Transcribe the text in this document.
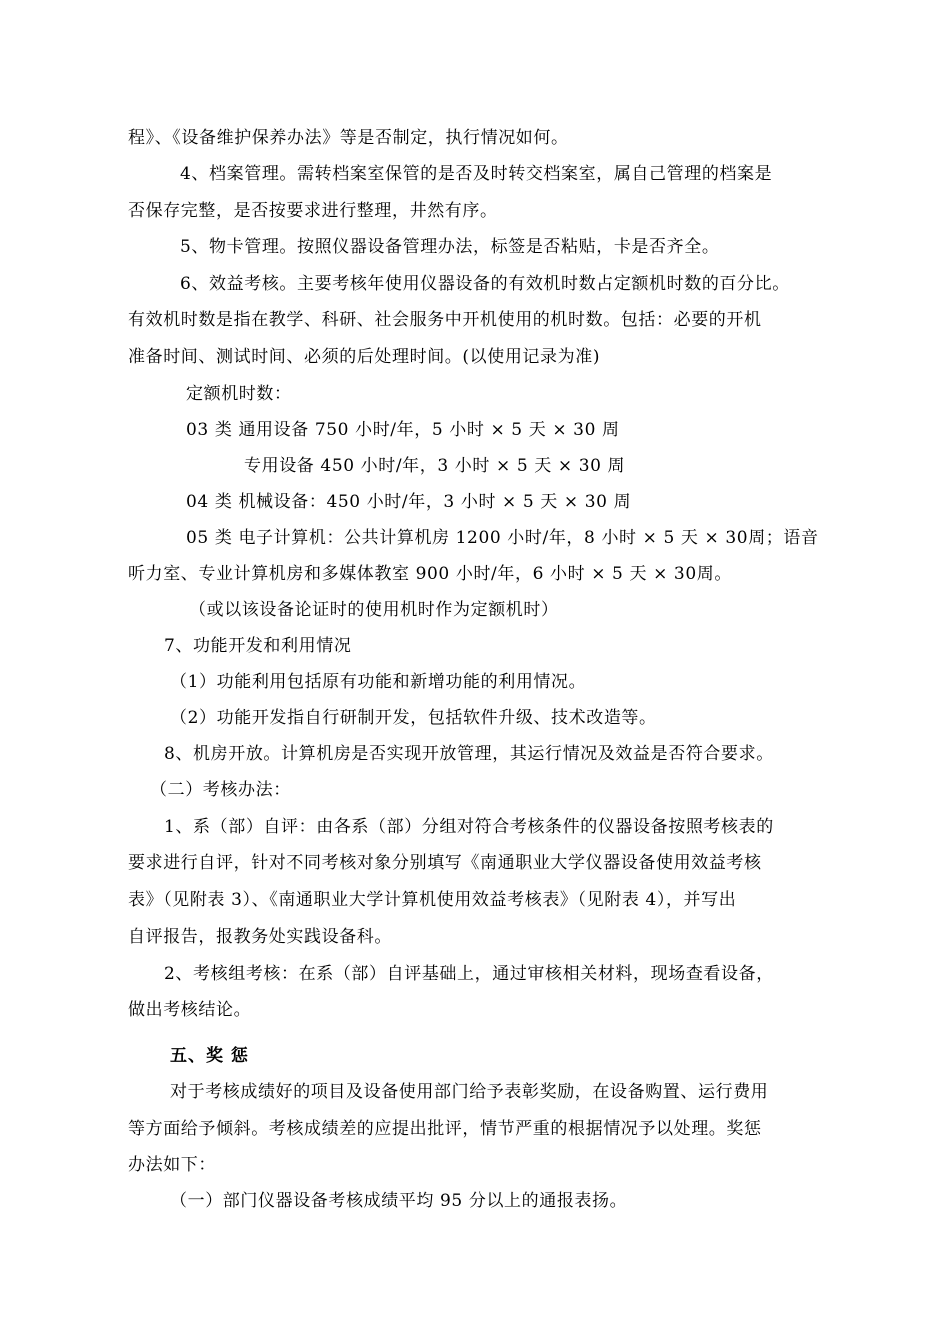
程》、《设备维护保养办法》等是否制定，执行情况如何。
4、档案管理。需转档案室保管的是否及时转交档案室，属自己管理的档案是
否保存完整，是否按要求进行整理，井然有序。
5、物卡管理。按照仪器设备管理办法，标签是否粘贴，卡是否齐全。
6、效益考核。主要考核年使用仪器设备的有效机时数占定额机时数的百分比。
有效机时数是指在教学、科研、社会服务中开机使用的机时数。包括：必要的开机
准备时间、测试时间、必须的后处理时间。(以使用记录为准)
定额机时数：
03 类 通用设备 750 小时/年，5 小时 × 5 天 × 30 周
专用设备 450 小时/年，3 小时 × 5 天 × 30 周
04 类 机械设备：450 小时/年，3 小时 × 5 天 × 30 周
05 类 电子计算机：公共计算机房 1200 小时/年，8 小时 × 5 天 × 30周；语音
听力室、专业计算机房和多媒体教室 900 小时/年，6 小时 × 5 天 × 30周。
（或以该设备论证时的使用机时作为定额机时）
7、功能开发和利用情况
（1）功能利用包括原有功能和新增功能的利用情况。
（2）功能开发指自行研制开发，包括软件升级、技术改造等。
8、机房开放。计算机房是否实现开放管理，其运行情况及效益是否符合要求。
（二）考核办法：
1、系（部）自评：由各系（部）分组对符合考核条件的仪器设备按照考核表的
要求进行自评，针对不同考核对象分别填写《南通职业大学仪器设备使用效益考核
表》（见附表 3）、《南通职业大学计算机使用效益考核表》（见附表 4），并写出
自评报告，报教务处实践设备科。
2、考核组考核：在系（部）自评基础上，通过审核相关材料，现场查看设备，
做出考核结论。
五、奖 惩
对于考核成绩好的项目及设备使用部门给予表彰奖励，在设备购置、运行费用
等方面给予倾斜。考核成绩差的应提出批评，情节严重的根据情况予以处理。奖惩
办法如下：
（一）部门仪器设备考核成绩平均 95 分以上的通报表扬。
